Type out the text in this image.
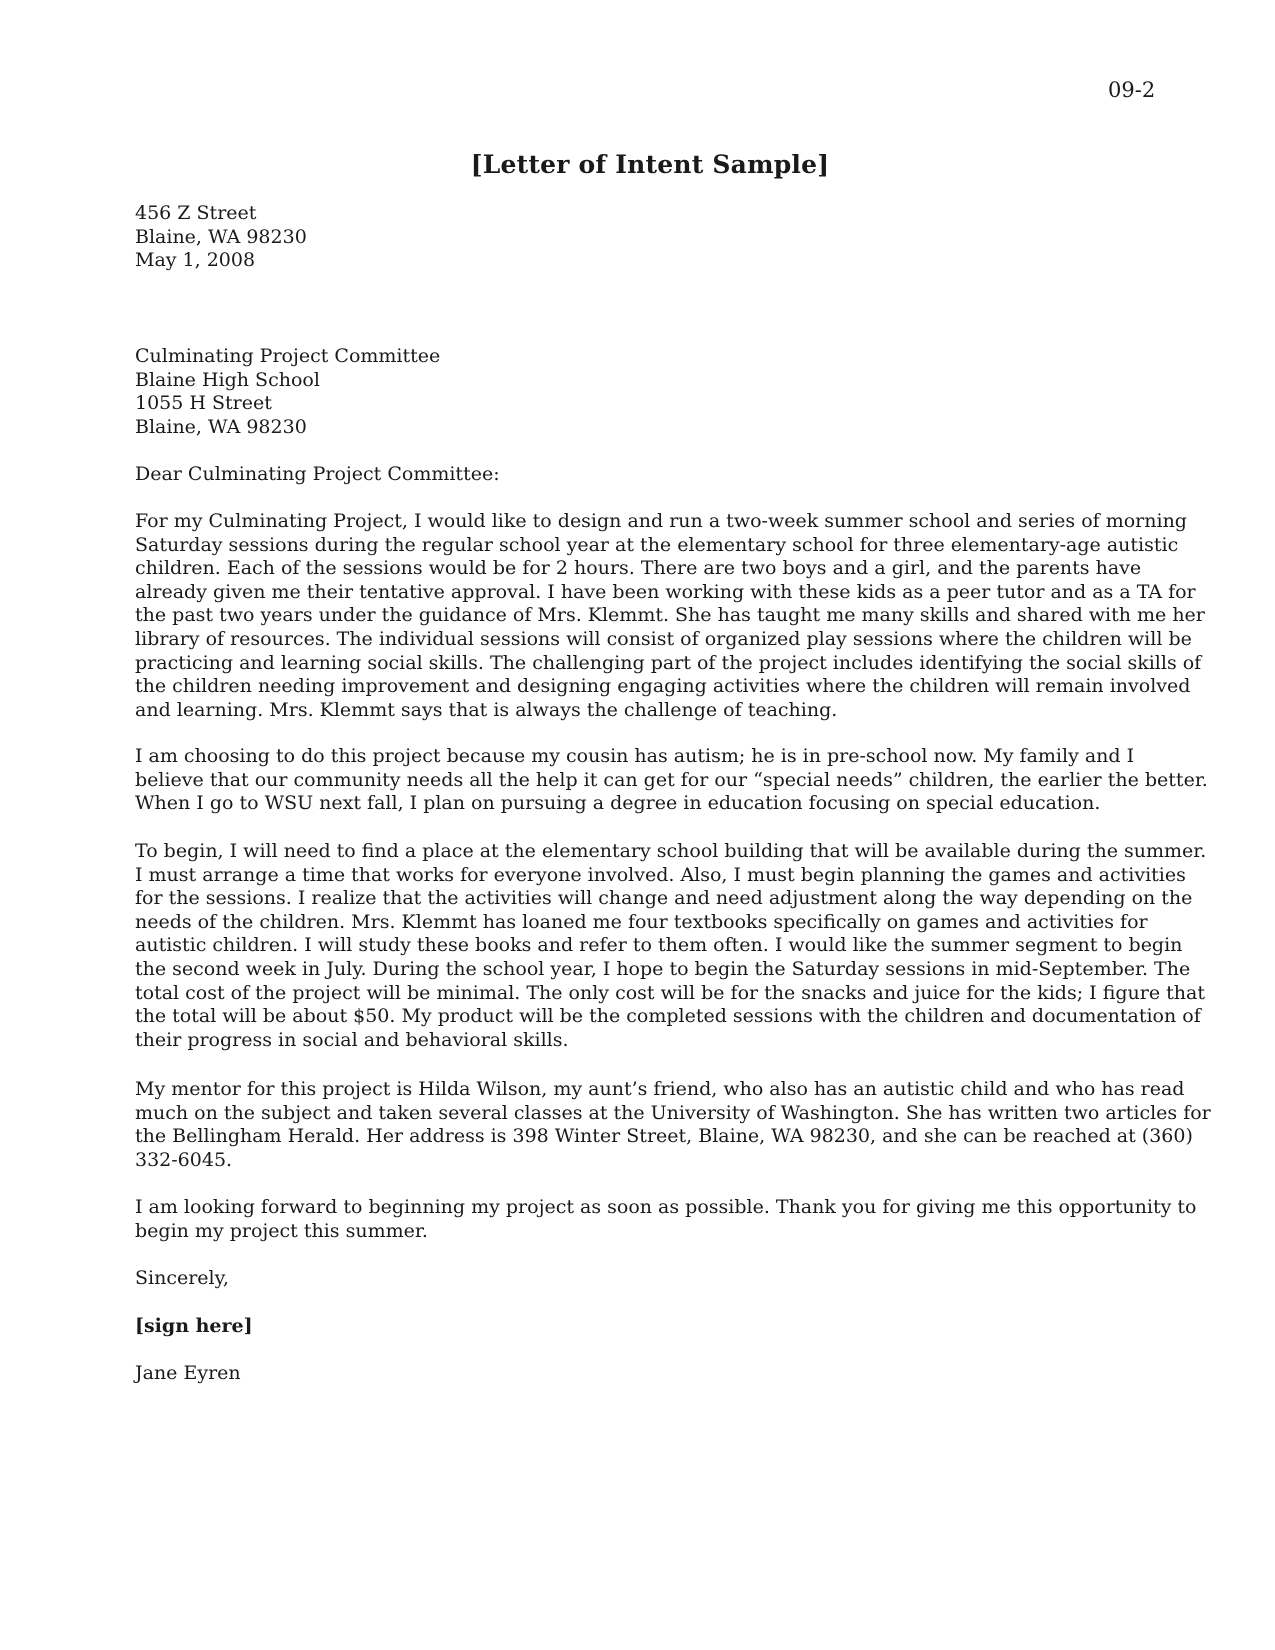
09-2
[Letter of Intent Sample]
456 Z Street
Blaine, WA 98230
May 1, 2008
Culminating Project Committee
Blaine High School
1055 H Street
Blaine, WA 98230
Dear Culminating Project Committee:
For my Culminating Project, I would like to design and run a two-week summer school and series of morning
Saturday sessions during the regular school year at the elementary school for three elementary-age autistic
children. Each of the sessions would be for 2 hours. There are two boys and a girl, and the parents have
already given me their tentative approval. I have been working with these kids as a peer tutor and as a TA for
the past two years under the guidance of Mrs. Klemmt. She has taught me many skills and shared with me her
library of resources. The individual sessions will consist of organized play sessions where the children will be
practicing and learning social skills. The challenging part of the project includes identifying the social skills of
the children needing improvement and designing engaging activities where the children will remain involved
and learning. Mrs. Klemmt says that is always the challenge of teaching.
I am choosing to do this project because my cousin has autism; he is in pre-school now. My family and I
believe that our community needs all the help it can get for our “special needs” children, the earlier the better.
When I go to WSU next fall, I plan on pursuing a degree in education focusing on special education.
To begin, I will need to find a place at the elementary school building that will be available during the summer.
I must arrange a time that works for everyone involved. Also, I must begin planning the games and activities
for the sessions. I realize that the activities will change and need adjustment along the way depending on the
needs of the children. Mrs. Klemmt has loaned me four textbooks specifically on games and activities for
autistic children. I will study these books and refer to them often. I would like the summer segment to begin
the second week in July. During the school year, I hope to begin the Saturday sessions in mid-September. The
total cost of the project will be minimal. The only cost will be for the snacks and juice for the kids; I figure that
the total will be about $50. My product will be the completed sessions with the children and documentation of
their progress in social and behavioral skills.
My mentor for this project is Hilda Wilson, my aunt’s friend, who also has an autistic child and who has read
much on the subject and taken several classes at the University of Washington. She has written two articles for
the Bellingham Herald. Her address is 398 Winter Street, Blaine, WA 98230, and she can be reached at (360)
332-6045.
I am looking forward to beginning my project as soon as possible. Thank you for giving me this opportunity to
begin my project this summer.
Sincerely,
[sign here]
Jane Eyren
